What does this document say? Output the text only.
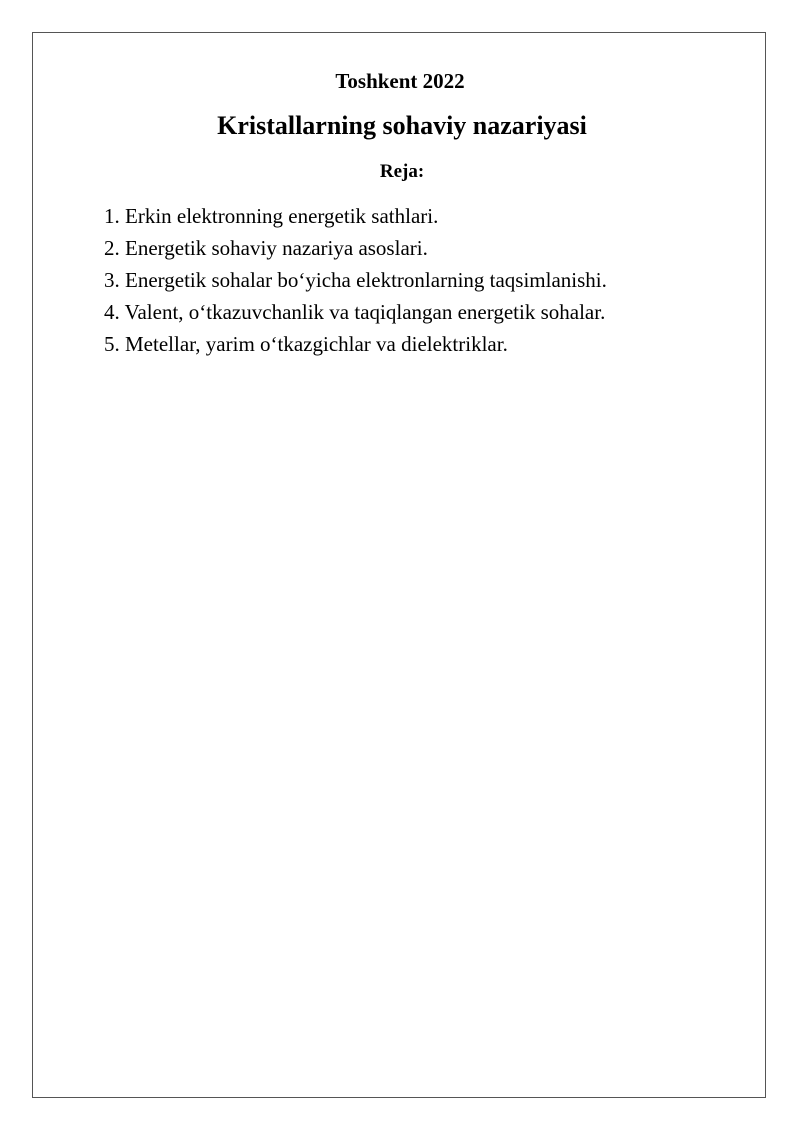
Toshkent 2022
Kristallarning sohaviy nazariyasi
Reja:
1. Erkin elektronning energetik sathlari.
2. Energetik sohaviy nazariya asoslari.
3. Energetik sohalar bo‘yicha elektronlarning taqsimlanishi.
4. Valent, o‘tkazuvchanlik va taqiqlangan energetik sohalar.
5. Metellar, yarim o‘tkazgichlar va dielektriklar.
